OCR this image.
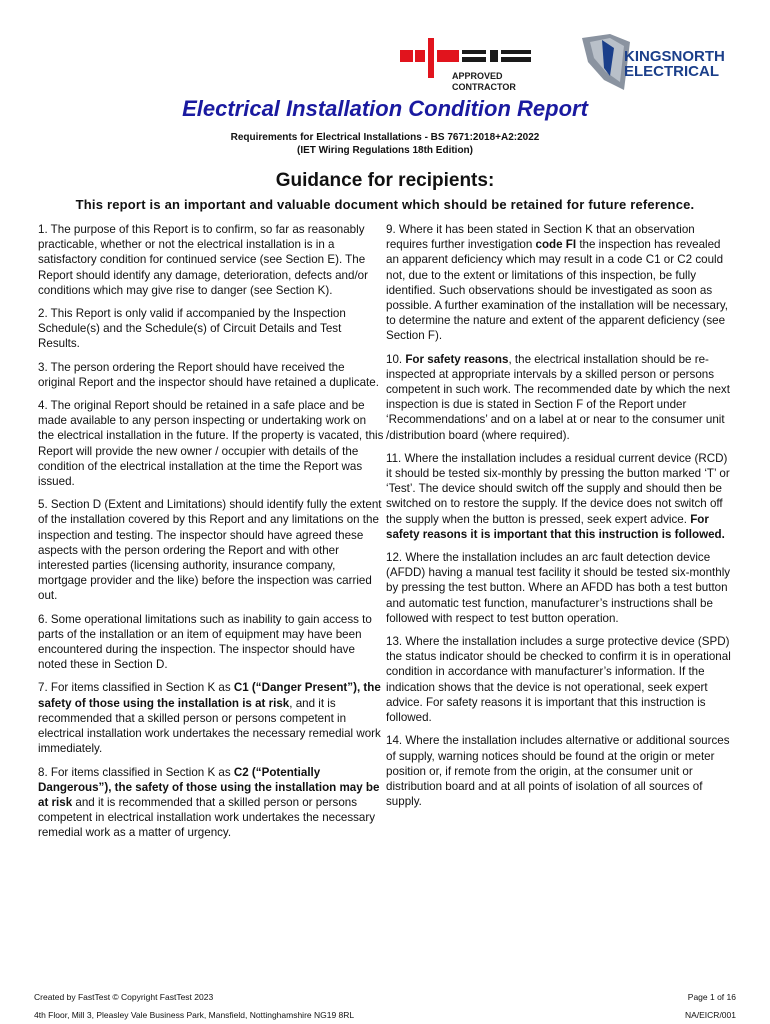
APPROVED
CONTRACTOR
KINGSNORTH
ELECTRICAL
Electrical Installation Condition Report
Requirements for Electrical Installations - BS 7671:2018+A2:2022
(IET Wiring Regulations 18th Edition)
Guidance for recipients:
This report is an important and valuable document which should be retained for future reference.

1. The purpose of this Report is to confirm, so far as reasonably practicable, whether or not the electrical installation is in a satisfactory condition for continued service (see Section E). The Report should identify any damage, deterioration, defects and/or conditions which may give rise to danger (see Section K).

2. This Report is only valid if accompanied by the Inspection Schedule(s) and the Schedule(s) of Circuit Details and Test Results.

3. The person ordering the Report should have received the original Report and the inspector should have retained a duplicate.

4. The original Report should be retained in a safe place and be made available to any person inspecting or undertaking work on the electrical installation in the future. If the property is vacated, this Report will provide the new owner / occupier with details of the condition of the electrical installation at the time the Report was issued.

5. Section D (Extent and Limitations) should identify fully the extent of the installation covered by this Report and any limitations on the inspection and testing. The inspector should have agreed these aspects with the person ordering the Report and with other interested parties (licensing authority, insurance company, mortgage provider and the like) before the inspection was carried out.

6. Some operational limitations such as inability to gain access to parts of the installation or an item of equipment may have been encountered during the inspection. The inspector should have noted these in Section D.

7. For items classified in Section K as C1 (“Danger Present”), the safety of those using the installation is at risk, and it is recommended that a skilled person or persons competent in electrical installation work undertakes the necessary remedial work immediately.

8. For items classified in Section K as C2 (“Potentially Dangerous”), the safety of those using the installation may be at risk and it is recommended that a skilled person or persons competent in electrical installation work undertakes the necessary remedial work as a matter of urgency.

9. Where it has been stated in Section K that an observation requires further investigation code FI the inspection has revealed an apparent deficiency which may result in a code C1 or C2 could not, due to the extent or limitations of this inspection, be fully identified. Such observations should be investigated as soon as possible. A further examination of the installation will be necessary, to determine the nature and extent of the apparent deficiency (see Section F).

10. For safety reasons, the electrical installation should be re-inspected at appropriate intervals by a skilled person or persons competent in such work. The recommended date by which the next inspection is due is stated in Section F of the Report under ‘Recommendations’ and on a label at or near to the consumer unit /distribution board (where required).

11. Where the installation includes a residual current device (RCD) it should be tested six-monthly by pressing the button marked ‘T’ or ‘Test’. The device should switch off the supply and should then be switched on to restore the supply. If the device does not switch off the supply when the button is pressed, seek expert advice. For safety reasons it is important that this instruction is followed.

12. Where the installation includes an arc fault detection device (AFDD) having a manual test facility it should be tested six-monthly by pressing the test button. Where an AFDD has both a test button and automatic test function, manufacturer’s instructions shall be followed with respect to test button operation.

13. Where the installation includes a surge protective device (SPD) the status indicator should be checked to confirm it is in operational condition in accordance with manufacturer’s information. If the indication shows that the device is not operational, seek expert advice. For safety reasons it is important that this instruction is followed.

14. Where the installation includes alternative or additional sources of supply, warning notices should be found at the origin or meter position or, if remote from the origin, at the consumer unit or distribution board and at all points of isolation of all sources of supply.

Created by FastTest © Copyright FastTest 2023
4th Floor, Mill 3, Pleasley Vale Business Park, Mansfield, Nottinghamshire NG19 8RL
Page 1 of 16
NA/EICR/001
